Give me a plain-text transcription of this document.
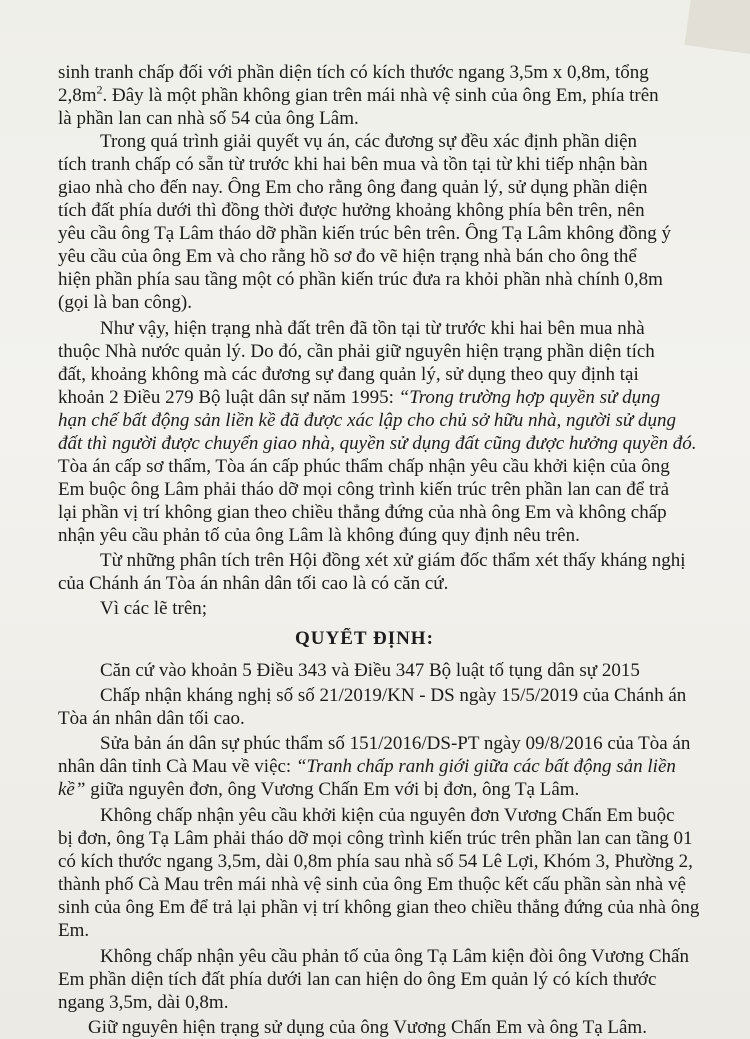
sinh tranh chấp đối với phần diện tích có kích thước ngang 3,5m x 0,8m, tổng
$2,8m^2$. Đây là một phần không gian trên mái nhà vệ sinh của ông Em, phía trên
là phần lan can nhà số 54 của ông Lâm.
Trong quá trình giải quyết vụ án, các đương sự đều xác định phần diện
tích tranh chấp có sẵn từ trước khi hai bên mua và tồn tại từ khi tiếp nhận bàn
giao nhà cho đến nay. Ông Em cho rằng ông đang quản lý, sử dụng phần diện
tích đất phía dưới thì đồng thời được hưởng khoảng không phía bên trên, nên
yêu cầu ông Tạ Lâm tháo dỡ phần kiến trúc bên trên. Ông Tạ Lâm không đồng ý
yêu cầu của ông Em và cho rằng hồ sơ đo vẽ hiện trạng nhà bán cho ông thể
hiện phần phía sau tầng một có phần kiến trúc đưa ra khỏi phần nhà chính 0,8m
(gọi là ban công).
Như vậy, hiện trạng nhà đất trên đã tồn tại từ trước khi hai bên mua nhà
thuộc Nhà nước quản lý. Do đó, cần phải giữ nguyên hiện trạng phần diện tích
đất, khoảng không mà các đương sự đang quản lý, sử dụng theo quy định tại
khoản 2 Điều 279 Bộ luật dân sự năm 1995: “Trong trường hợp quyền sử dụng
hạn chế bất động sản liền kề đã được xác lập cho chủ sở hữu nhà, người sử dụng
đất thì người được chuyển giao nhà, quyền sử dụng đất cũng được hưởng quyền đó.
Tòa án cấp sơ thẩm, Tòa án cấp phúc thẩm chấp nhận yêu cầu khởi kiện của ông
Em buộc ông Lâm phải tháo dỡ mọi công trình kiến trúc trên phần lan can để trả
lại phần vị trí không gian theo chiều thẳng đứng của nhà ông Em và không chấp
nhận yêu cầu phản tố của ông Lâm là không đúng quy định nêu trên.
Từ những phân tích trên Hội đồng xét xử giám đốc thẩm xét thấy kháng nghị
của Chánh án Tòa án nhân dân tối cao là có căn cứ.
Vì các lẽ trên;
QUYẾT ĐỊNH:
Căn cứ vào khoản 5 Điều 343 và Điều 347 Bộ luật tố tụng dân sự 2015
Chấp nhận kháng nghị số số 21/2019/KN - DS ngày 15/5/2019 của Chánh án
Tòa án nhân dân tối cao.
Sửa bản án dân sự phúc thẩm số 151/2016/DS-PT ngày 09/8/2016 của Tòa án
nhân dân tỉnh Cà Mau về việc: “Tranh chấp ranh giới giữa các bất động sản liền
kề” giữa nguyên đơn, ông Vương Chấn Em với bị đơn, ông Tạ Lâm.
Không chấp nhận yêu cầu khởi kiện của nguyên đơn Vương Chấn Em buộc
bị đơn, ông Tạ Lâm phải tháo dỡ mọi công trình kiến trúc trên phần lan can tầng 01
có kích thước ngang 3,5m, dài 0,8m phía sau nhà số 54 Lê Lợi, Khóm 3, Phường 2,
thành phố Cà Mau trên mái nhà vệ sinh của ông Em thuộc kết cấu phần sàn nhà vệ
sinh của ông Em để trả lại phần vị trí không gian theo chiều thẳng đứng của nhà ông
Em.
Không chấp nhận yêu cầu phản tố của ông Tạ Lâm kiện đòi ông Vương Chấn
Em phần diện tích đất phía dưới lan can hiện do ông Em quản lý có kích thước
ngang 3,5m, dài 0,8m.
Giữ nguyên hiện trạng sử dụng của ông Vương Chấn Em và ông Tạ Lâm.
